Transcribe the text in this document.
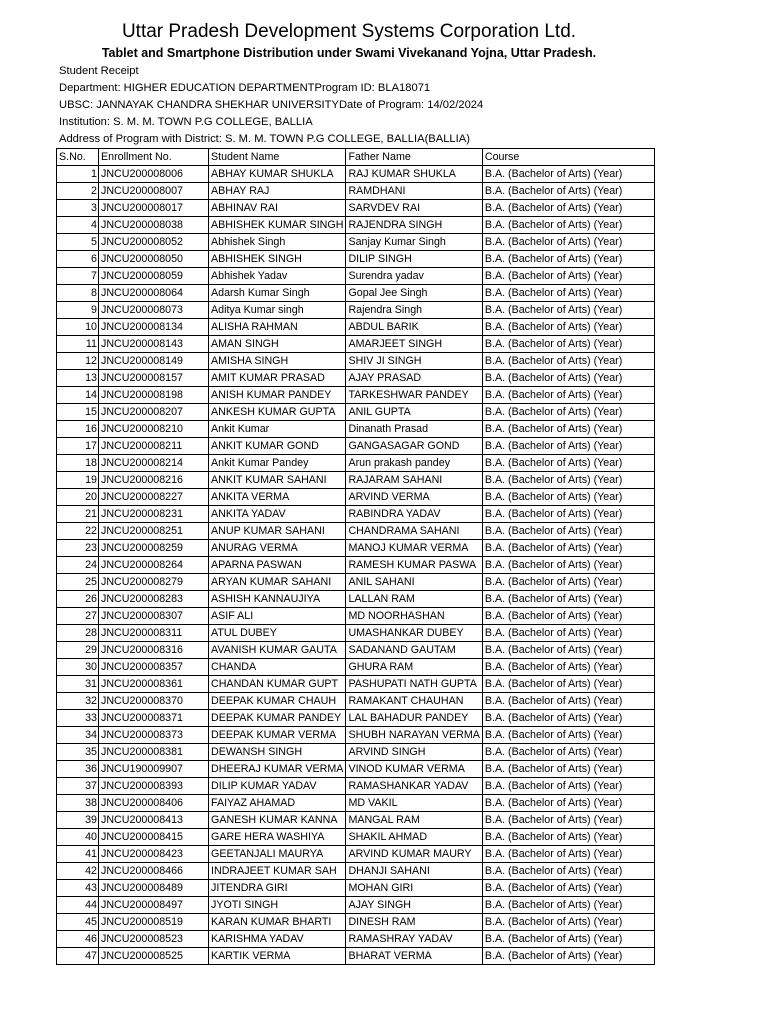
Uttar Pradesh Development Systems Corporation Ltd.
Tablet and Smartphone Distribution under Swami Vivekanand Yojna, Uttar Pradesh.
Student Receipt
Department: HIGHER EDUCATION DEPARTMENTProgram ID: BLA18071
UBSC: JANNAYAK CHANDRA SHEKHAR UNIVERSITYDate of Program: 14/02/2024
Institution: S. M. M. TOWN P.G COLLEGE, BALLIA
Address of Program with District: S. M. M. TOWN P.G COLLEGE, BALLIA(BALLIA)
S.No.	Enrollment No.	Student Name	Father Name	Course
1	JNCU200008006	ABHAY KUMAR SHUKLA	RAJ KUMAR SHUKLA	B.A. (Bachelor of Arts) (Year)
2	JNCU200008007	ABHAY RAJ	RAMDHANI	B.A. (Bachelor of Arts) (Year)
3	JNCU200008017	ABHINAV RAI	SARVDEV RAI	B.A. (Bachelor of Arts) (Year)
4	JNCU200008038	ABHISHEK KUMAR SINGH	RAJENDRA SINGH	B.A. (Bachelor of Arts) (Year)
5	JNCU200008052	Abhishek Singh	Sanjay Kumar Singh	B.A. (Bachelor of Arts) (Year)
6	JNCU200008050	ABHISHEK SINGH	DILIP SINGH	B.A. (Bachelor of Arts) (Year)
7	JNCU200008059	Abhishek Yadav	Surendra yadav	B.A. (Bachelor of Arts) (Year)
8	JNCU200008064	Adarsh Kumar Singh	Gopal Jee Singh	B.A. (Bachelor of Arts) (Year)
9	JNCU200008073	Aditya Kumar singh	Rajendra Singh	B.A. (Bachelor of Arts) (Year)
10	JNCU200008134	ALISHA RAHMAN	ABDUL BARIK	B.A. (Bachelor of Arts) (Year)
11	JNCU200008143	AMAN SINGH	AMARJEET SINGH	B.A. (Bachelor of Arts) (Year)
12	JNCU200008149	AMISHA SINGH	SHIV JI SINGH	B.A. (Bachelor of Arts) (Year)
13	JNCU200008157	AMIT KUMAR PRASAD	AJAY PRASAD	B.A. (Bachelor of Arts) (Year)
14	JNCU200008198	ANISH KUMAR PANDEY	TARKESHWAR PANDEY	B.A. (Bachelor of Arts) (Year)
15	JNCU200008207	ANKESH KUMAR GUPTA	ANIL GUPTA	B.A. (Bachelor of Arts) (Year)
16	JNCU200008210	Ankit Kumar	Dinanath Prasad	B.A. (Bachelor of Arts) (Year)
17	JNCU200008211	ANKIT KUMAR GOND	GANGASAGAR GOND	B.A. (Bachelor of Arts) (Year)
18	JNCU200008214	Ankit Kumar Pandey	Arun prakash pandey	B.A. (Bachelor of Arts) (Year)
19	JNCU200008216	ANKIT KUMAR SAHANI	RAJARAM SAHANI	B.A. (Bachelor of Arts) (Year)
20	JNCU200008227	ANKITA VERMA	ARVIND VERMA	B.A. (Bachelor of Arts) (Year)
21	JNCU200008231	ANKITA YADAV	RABINDRA YADAV	B.A. (Bachelor of Arts) (Year)
22	JNCU200008251	ANUP KUMAR SAHANI	CHANDRAMA SAHANI	B.A. (Bachelor of Arts) (Year)
23	JNCU200008259	ANURAG VERMA	MANOJ KUMAR VERMA	B.A. (Bachelor of Arts) (Year)
24	JNCU200008264	APARNA PASWAN	RAMESH KUMAR PASWA	B.A. (Bachelor of Arts) (Year)
25	JNCU200008279	ARYAN KUMAR SAHANI	ANIL SAHANI	B.A. (Bachelor of Arts) (Year)
26	JNCU200008283	ASHISH KANNAUJIYA	LALLAN RAM	B.A. (Bachelor of Arts) (Year)
27	JNCU200008307	ASIF ALI	MD NOORHASHAN	B.A. (Bachelor of Arts) (Year)
28	JNCU200008311	ATUL DUBEY	UMASHANKAR DUBEY	B.A. (Bachelor of Arts) (Year)
29	JNCU200008316	AVANISH KUMAR GAUTA	SADANAND GAUTAM	B.A. (Bachelor of Arts) (Year)
30	JNCU200008357	CHANDA	GHURA RAM	B.A. (Bachelor of Arts) (Year)
31	JNCU200008361	CHANDAN KUMAR GUPT	PASHUPATI NATH GUPTA	B.A. (Bachelor of Arts) (Year)
32	JNCU200008370	DEEPAK KUMAR CHAUH	RAMAKANT CHAUHAN	B.A. (Bachelor of Arts) (Year)
33	JNCU200008371	DEEPAK KUMAR PANDEY	LAL BAHADUR PANDEY	B.A. (Bachelor of Arts) (Year)
34	JNCU200008373	DEEPAK KUMAR VERMA	SHUBH NARAYAN VERMA	B.A. (Bachelor of Arts) (Year)
35	JNCU200008381	DEWANSH SINGH	ARVIND SINGH	B.A. (Bachelor of Arts) (Year)
36	JNCU190009907	DHEERAJ KUMAR VERMA	VINOD KUMAR VERMA	B.A. (Bachelor of Arts) (Year)
37	JNCU200008393	DILIP KUMAR YADAV	RAMASHANKAR YADAV	B.A. (Bachelor of Arts) (Year)
38	JNCU200008406	FAIYAZ AHAMAD	MD VAKIL	B.A. (Bachelor of Arts) (Year)
39	JNCU200008413	GANESH KUMAR KANNA	MANGAL RAM	B.A. (Bachelor of Arts) (Year)
40	JNCU200008415	GARE HERA WASHIYA	SHAKIL AHMAD	B.A. (Bachelor of Arts) (Year)
41	JNCU200008423	GEETANJALI MAURYA	ARVIND KUMAR MAURY	B.A. (Bachelor of Arts) (Year)
42	JNCU200008466	INDRAJEET KUMAR SAH	DHANJI SAHANI	B.A. (Bachelor of Arts) (Year)
43	JNCU200008489	JITENDRA GIRI	MOHAN GIRI	B.A. (Bachelor of Arts) (Year)
44	JNCU200008497	JYOTI SINGH	AJAY SINGH	B.A. (Bachelor of Arts) (Year)
45	JNCU200008519	KARAN KUMAR BHARTI	DINESH RAM	B.A. (Bachelor of Arts) (Year)
46	JNCU200008523	KARISHMA YADAV	RAMASHRAY YADAV	B.A. (Bachelor of Arts) (Year)
47	JNCU200008525	KARTIK VERMA	BHARAT VERMA	B.A. (Bachelor of Arts) (Year)
